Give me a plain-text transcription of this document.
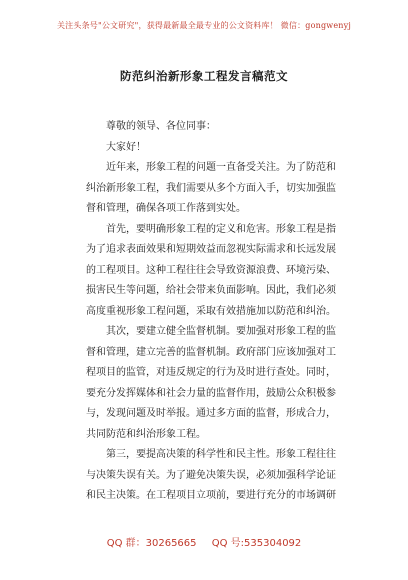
关注头条号"公文研究"，获得最新最全最专业的公文资料库！ 微信：gongwenyj
防范纠治新形象工程发言稿范文
尊敬的领导、各位同事：
大家好！
近年来，形象工程的问题一直备受关注。为了防范和
纠治新形象工程，我们需要从多个方面入手，切实加强监
督和管理，确保各项工作落到实处。
首先，要明确形象工程的定义和危害。形象工程是指
为了追求表面效果和短期效益而忽视实际需求和长远发展
的工程项目。这种工程往往会导致资源浪费、环境污染、
损害民生等问题，给社会带来负面影响。因此，我们必须
高度重视形象工程问题，采取有效措施加以防范和纠治。
其次，要建立健全监督机制。要加强对形象工程的监
督和管理，建立完善的监督机制。政府部门应该加强对工
程项目的监管，对违反规定的行为及时进行查处。同时，
要充分发挥媒体和社会力量的监督作用，鼓励公众积极参
与，发现问题及时举报。通过多方面的监督，形成合力，
共同防范和纠治形象工程。
第三，要提高决策的科学性和民主性。形象工程往往
与决策失误有关。为了避免决策失误，必须加强科学论证
和民主决策。在工程项目立项前，要进行充分的市场调研
QQ 群：30265665 QQ 号:535304092
